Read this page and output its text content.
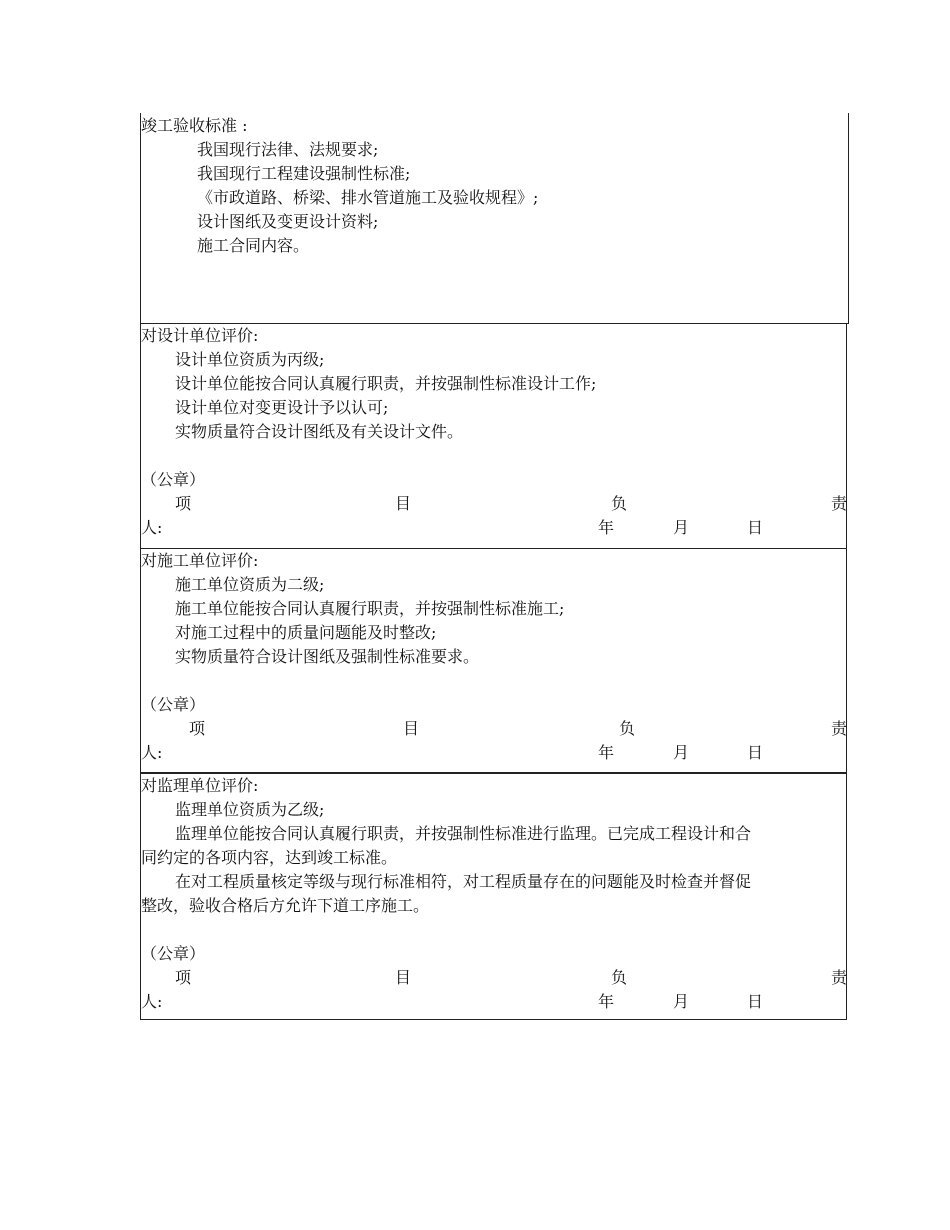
竣工验收标准 :
我国现行法律、法规要求;
我国现行工程建设强制性标准;
《市政道路、桥梁、排水管道施工及验收规程》;
设计图纸及变更设计资料;
施工合同内容。
对设计单位评价:
设计单位资质为丙级;
设计单位能按合同认真履行职责，并按强制性标准设计工作;
设计单位对变更设计予以认可;
实物质量符合设计图纸及有关设计文件。
（公章）
项	目	负	责
人:	年	月	日
对施工单位评价:
施工单位资质为二级;
施工单位能按合同认真履行职责，并按强制性标准施工;
对施工过程中的质量问题能及时整改;
实物质量符合设计图纸及强制性标准要求。
（公章）
项	目	负	责
人:	年	月	日
对监理单位评价:
监理单位资质为乙级;
监理单位能按合同认真履行职责，并按强制性标准进行监理。已完成工程设计和合
同约定的各项内容，达到竣工标准。
在对工程质量核定等级与现行标准相符，对工程质量存在的问题能及时检查并督促
整改，验收合格后方允许下道工序施工。
（公章）
项	目	负	责
人:	年	月	日
